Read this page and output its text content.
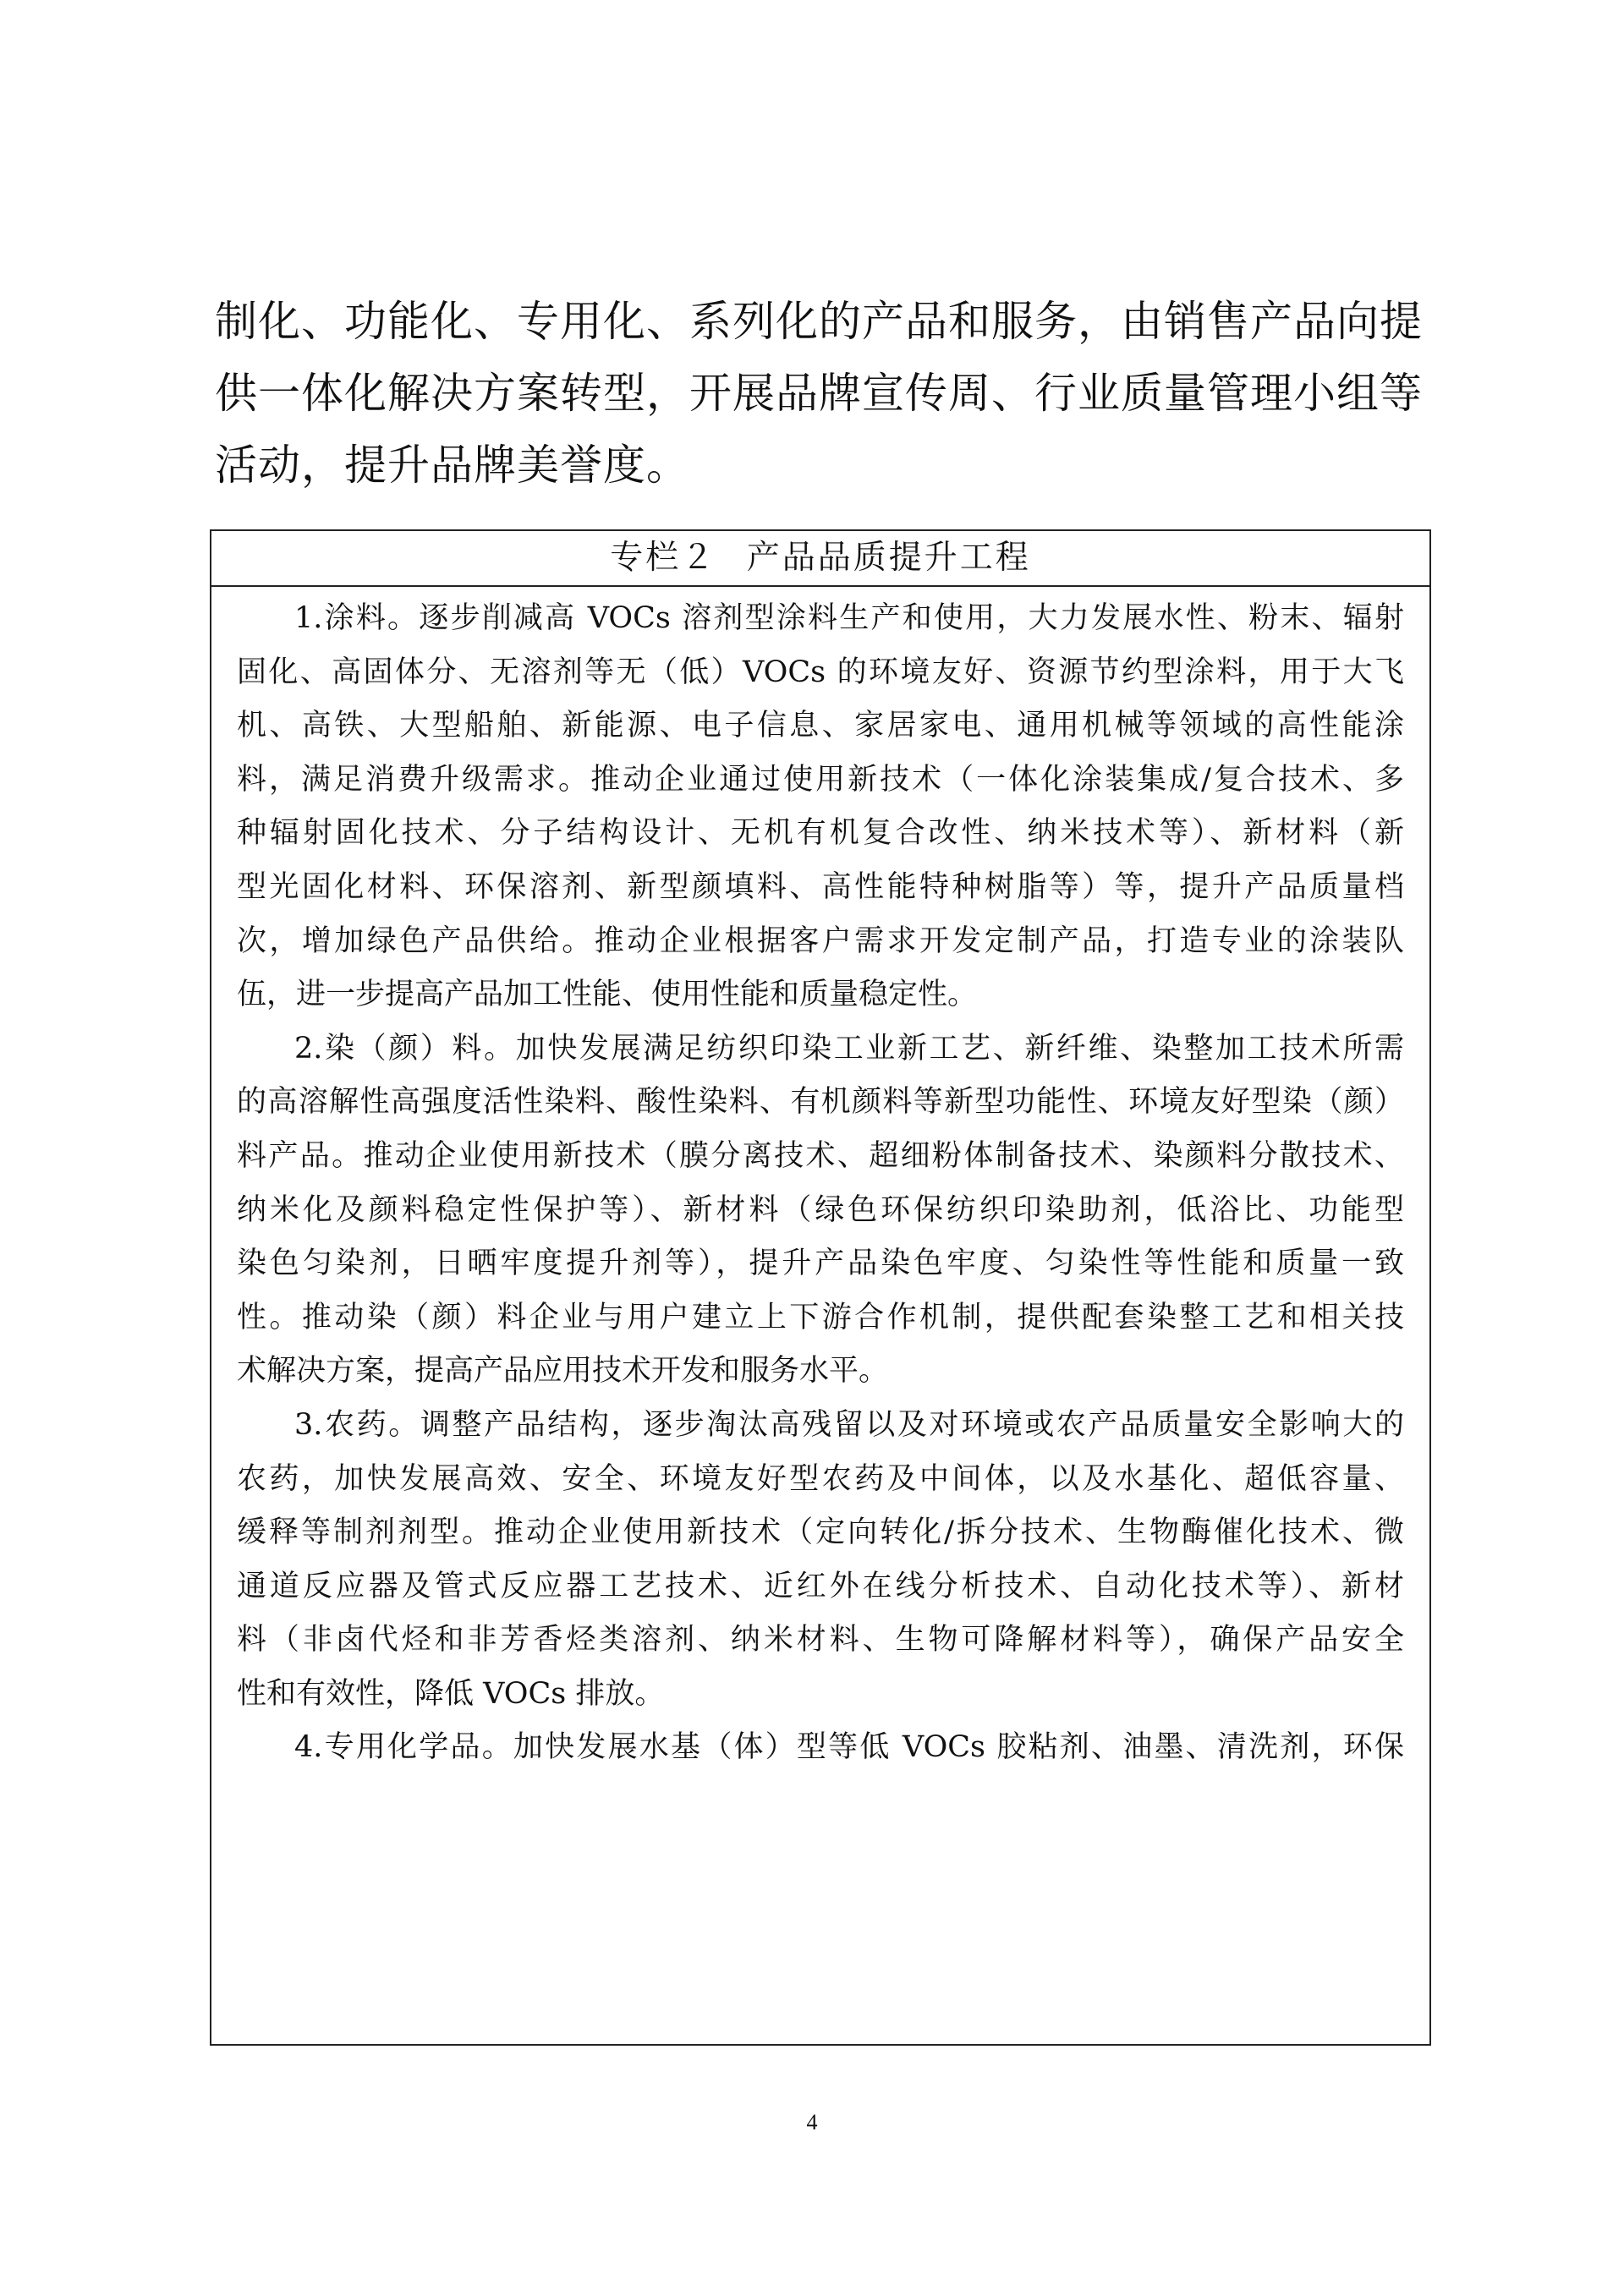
制化、功能化、专用化、系列化的产品和服务，由销售产品向提
供一体化解决方案转型，开展品牌宣传周、行业质量管理小组等
活动，提升品牌美誉度。
专栏２ 产品品质提升工程
1.涂料。逐步削减高 VOCs 溶剂型涂料生产和使用，大力发展水性、粉末、辐射
固化、高固体分、无溶剂等无（低）VOCs 的环境友好、资源节约型涂料，用于大飞
机、高铁、大型船舶、新能源、电子信息、家居家电、通用机械等领域的高性能涂
料，满足消费升级需求。推动企业通过使用新技术（一体化涂装集成/复合技术、多
种辐射固化技术、分子结构设计、无机有机复合改性、纳米技术等）、新材料（新
型光固化材料、环保溶剂、新型颜填料、高性能特种树脂等）等，提升产品质量档
次，增加绿色产品供给。推动企业根据客户需求开发定制产品，打造专业的涂装队
伍，进一步提高产品加工性能、使用性能和质量稳定性。
2.染（颜）料。加快发展满足纺织印染工业新工艺、新纤维、染整加工技术所需
的高溶解性高强度活性染料、酸性染料、有机颜料等新型功能性、环境友好型染（颜）
料产品。推动企业使用新技术（膜分离技术、超细粉体制备技术、染颜料分散技术、
纳米化及颜料稳定性保护等）、新材料（绿色环保纺织印染助剂，低浴比、功能型
染色匀染剂，日晒牢度提升剂等），提升产品染色牢度、匀染性等性能和质量一致
性。推动染（颜）料企业与用户建立上下游合作机制，提供配套染整工艺和相关技
术解决方案，提高产品应用技术开发和服务水平。
3.农药。调整产品结构，逐步淘汰高残留以及对环境或农产品质量安全影响大的
农药，加快发展高效、安全、环境友好型农药及中间体，以及水基化、超低容量、
缓释等制剂剂型。推动企业使用新技术（定向转化/拆分技术、生物酶催化技术、微
通道反应器及管式反应器工艺技术、近红外在线分析技术、自动化技术等）、新材
料（非卤代烃和非芳香烃类溶剂、纳米材料、生物可降解材料等），确保产品安全
性和有效性，降低 VOCs 排放。
4.专用化学品。加快发展水基（体）型等低 VOCs 胶粘剂、油墨、清洗剂，环保
4
